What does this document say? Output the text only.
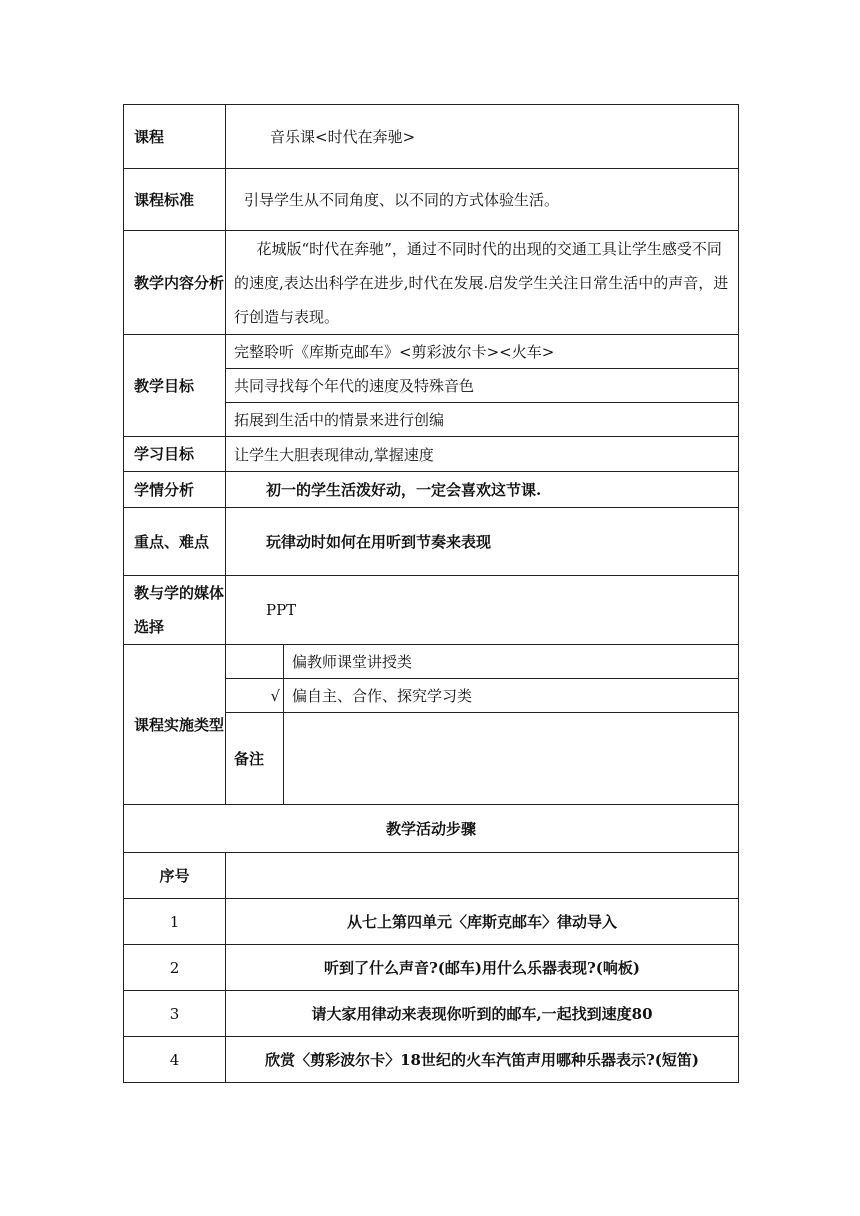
课程	音乐课<时代在奔驰>	
课程标准	引导学生从不同角度、以不同的方式体验生活。	
教学内容分析	花城版“时代在奔驰”，通过不同时代的出现的交通工具让学生感受不同的速度,表达出科学在进步,时代在发展.启发学生关注日常生活中的声音，进行创造与表现。	
教学目标	完整聆听《库斯克邮车》<剪彩波尔卡><火车>	
	共同寻找每个年代的速度及特殊音色	
	拓展到生活中的情景来进行创编	
学习目标	让学生大胆表现律动,掌握速度	
学情分析	初一的学生活泼好动，一定会喜欢这节课.	
重点、难点	玩律动时如何在用听到节奏来表现	
教与学的媒体选择	PPT	
课程实施类型		偏教师课堂讲授类
	√	偏自主、合作、探究学习类
	备注	
教学活动步骤		
序号		
1	从七上第四单元〈库斯克邮车〉律动导入	
2	听到了什么声音?(邮车)用什么乐器表现?(响板)	
3	请大家用律动来表现你听到的邮车,一起找到速度80	
4	欣赏〈剪彩波尔卡〉18世纪的火车汽笛声用哪种乐器表示?(短笛)	
